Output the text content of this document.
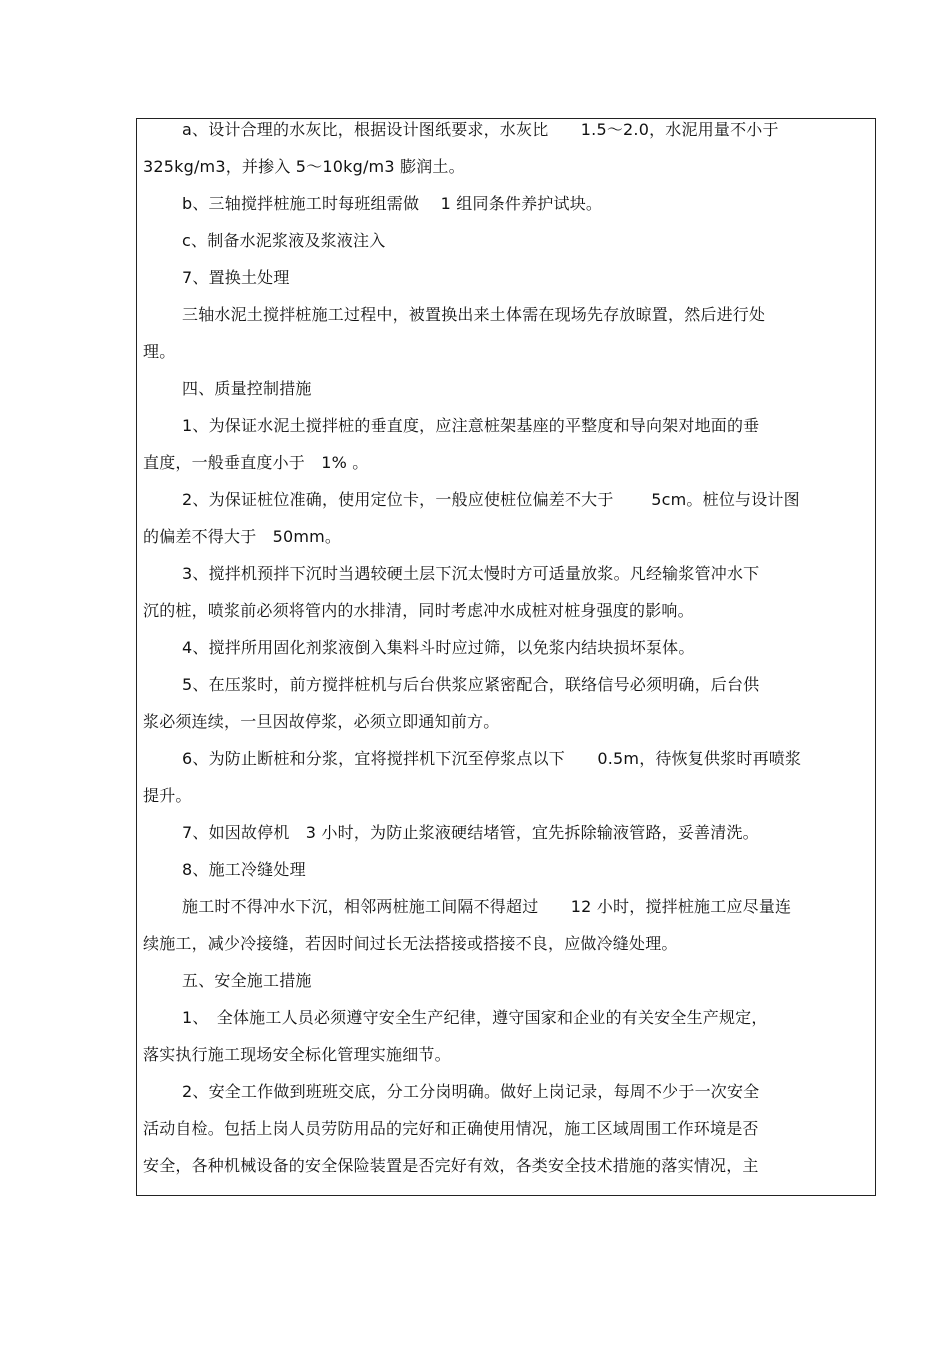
a、设计合理的水灰比，根据设计图纸要求，水灰比　　1.5～2.0，水泥用量不小于
325kg/m3，并掺入 5～10kg/m3 膨润土。
b、三轴搅拌桩施工时每班组需做　 1 组同条件养护试块。
c、制备水泥浆液及浆液注入
7、置换土处理
三轴水泥土搅拌桩施工过程中，被置换出来土体需在现场先存放晾置，然后进行处
理。
四、质量控制措施
1、为保证水泥土搅拌桩的垂直度，应注意桩架基座的平整度和导向架对地面的垂
直度，一般垂直度小于　1% 。
2、为保证桩位准确，使用定位卡，一般应使桩位偏差不大于　　 5cm。桩位与设计图
的偏差不得大于　50mm。
3、搅拌机预拌下沉时当遇较硬土层下沉太慢时方可适量放浆。凡经输浆管冲水下
沉的桩，喷浆前必须将管内的水排清，同时考虑冲水成桩对桩身强度的影响。
4、搅拌所用固化剂浆液倒入集料斗时应过筛，以免浆内结块损坏泵体。
5、在压浆时，前方搅拌桩机与后台供浆应紧密配合，联络信号必须明确，后台供
浆必须连续，一旦因故停浆，必须立即通知前方。
6、为防止断桩和分浆，宜将搅拌机下沉至停浆点以下　　0.5m，待恢复供浆时再喷浆
提升。
7、如因故停机　3 小时，为防止浆液硬结堵管，宜先拆除输液管路，妥善清洗。
8、施工冷缝处理
施工时不得冲水下沉，相邻两桩施工间隔不得超过　　12 小时，搅拌桩施工应尽量连
续施工，减少冷接缝，若因时间过长无法搭接或搭接不良，应做冷缝处理。
五、安全施工措施
1、　全体施工人员必须遵守安全生产纪律，遵守国家和企业的有关安全生产规定，
落实执行施工现场安全标化管理实施细节。
2、安全工作做到班班交底，分工分岗明确。做好上岗记录，每周不少于一次安全
活动自检。包括上岗人员劳防用品的完好和正确使用情况，施工区域周围工作环境是否
安全，各种机械设备的安全保险装置是否完好有效，各类安全技术措施的落实情况，主
